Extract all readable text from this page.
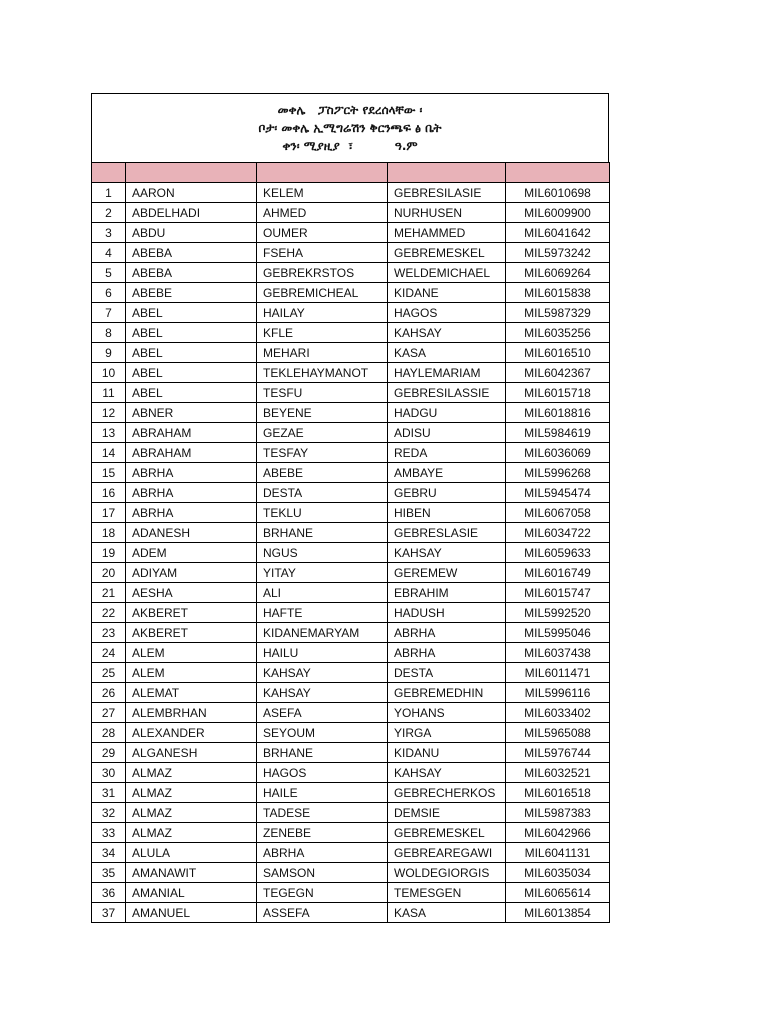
መቀሌ   ፓስፖርት የደረሰላቸው ፡
ቦታ፡ መቀሌ ኢሚግሬሽን ቅርንጫፍ ፅ ቤት
ቀን፡ ሚያዚያ  ፣          ዓ.ም

1	AARON	KELEM	GEBRESILASIE	MIL6010698
2	ABDELHADI	AHMED	NURHUSEN	MIL6009900
3	ABDU	OUMER	MEHAMMED	MIL6041642
4	ABEBA	FSEHA	GEBREMESKEL	MIL5973242
5	ABEBA	GEBREKRSTOS	WELDEMICHAEL	MIL6069264
6	ABEBE	GEBREMICHEAL	KIDANE	MIL6015838
7	ABEL	HAILAY	HAGOS	MIL5987329
8	ABEL	KFLE	KAHSAY	MIL6035256
9	ABEL	MEHARI	KASA	MIL6016510
10	ABEL	TEKLEHAYMANOT	HAYLEMARIAM	MIL6042367
11	ABEL	TESFU	GEBRESILASSIE	MIL6015718
12	ABNER	BEYENE	HADGU	MIL6018816
13	ABRAHAM	GEZAE	ADISU	MIL5984619
14	ABRAHAM	TESFAY	REDA	MIL6036069
15	ABRHA	ABEBE	AMBAYE	MIL5996268
16	ABRHA	DESTA	GEBRU	MIL5945474
17	ABRHA	TEKLU	HIBEN	MIL6067058
18	ADANESH	BRHANE	GEBRESLASIE	MIL6034722
19	ADEM	NGUS	KAHSAY	MIL6059633
20	ADIYAM	YITAY	GEREMEW	MIL6016749
21	AESHA	ALI	EBRAHIM	MIL6015747
22	AKBERET	HAFTE	HADUSH	MIL5992520
23	AKBERET	KIDANEMARYAM	ABRHA	MIL5995046
24	ALEM	HAILU	ABRHA	MIL6037438
25	ALEM	KAHSAY	DESTA	MIL6011471
26	ALEMAT	KAHSAY	GEBREMEDHIN	MIL5996116
27	ALEMBRHAN	ASEFA	YOHANS	MIL6033402
28	ALEXANDER	SEYOUM	YIRGA	MIL5965088
29	ALGANESH	BRHANE	KIDANU	MIL5976744
30	ALMAZ	HAGOS	KAHSAY	MIL6032521
31	ALMAZ	HAILE	GEBRECHERKOS	MIL6016518
32	ALMAZ	TADESE	DEMSIE	MIL5987383
33	ALMAZ	ZENEBE	GEBREMESKEL	MIL6042966
34	ALULA	ABRHA	GEBREAREGAWI	MIL6041131
35	AMANAWIT	SAMSON	WOLDEGIORGIS	MIL6035034
36	AMANIAL	TEGEGN	TEMESGEN	MIL6065614
37	AMANUEL	ASSEFA	KASA	MIL6013854
